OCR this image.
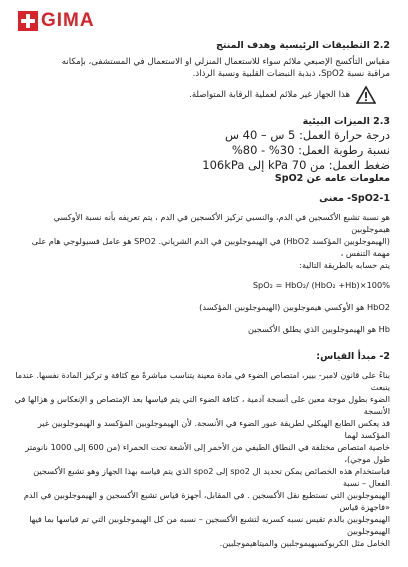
GIMA

2.2 التطبيقات الرئيسية وهدف المنتج

مقياس التأكسج الإصبعي ملائم سواء للاستعمال المنزلي او الاستعمال في المستشفى، بإمكانه

مراقبة نسبة SpO2، ذبذبة النبضات القلبية ونسبة الرذاذ.

هذا الجهاز غير ملائم لعملية الرقابة المتواصلة.

2.3 الميزات البيئية

درجة حرارة العمل: 5 س – 40 س

نسبة رطوبة العمل: 30% - 80%

ضغط العمل: من 70 kPa إلى 106kPa

معلومات عامه عن SpO2

1-SpO2- معنى

هو نسبة تشبع الأكسجين في الدم، والنسبي تركيز الأكسجين في الدم ، يتم تعريفه بأنه نسبة الأوكسي هيموجلوبين

(الهيموجلوبين المؤكسد HbO2) في الهيموجلوبين في الدم الشرياني. SPO2 هو عامل فسيولوجي هام على مهمة التنفس ،

يتم حسابه بالطريقة التالية:

SpO₂ = HbO₂/ (HbO₂ +Hb)×100%

HbO2 هو الأوكسي هيموجلوبين (الهيموجلوبين المؤكسد)

Hb هو الهيموجلوبين الذي يطلق الأكسجين

2- مبدأ القياس:

بناءً على قانون لامبر- بيير، امتصاص الضوء في مادة معينة يتناسب مباشرةً مع كثافة و تركيز المادة نفسها. عندما ينبعث

الضوء بطول موجة معين على أنسجة آدمية ، كثافة الضوء التي يتم قياسها بعد الإمتصاص و الإنعكاس و هزالها في الأنسجة

قد يعكس الطابع الهيكلي لطريقة عبور الضوء في الأنسجة. لأن الهيموجلوبين المؤكسد و الهيموجلوبين غير المؤكسد لهما

خاصية امتصاص مختلفة في النطاق الطيفي من الأحمر إلى الأشعة تحت الحمراء (من 600 إلى 1000 نانومتر طول موجي)،

فباستخدام هذه الخصائص يمكن تحديد ال spo2 إلى spo2 الذي يتم قياسه بهذا الجهاز وهو تشبع الأكسجين الفعال – نسبة

الهيموجلوبين التي تستطيع نقل الأكسجين . في المقابل، أجهزة قياس تشبع الأكسجين و الهيموجلوبين في الدم «فاجهزة قياس

الهيموجلوبين بالدم تقيس نسبه كسريه لتشبع الأكسجين – نسبه من كل الهيموجلوبين التي تم قياسها بما فيها الهيموجلوبين

الخامل مثل الكربوكسيهيموجلبين والميتاهيموجلبين.
